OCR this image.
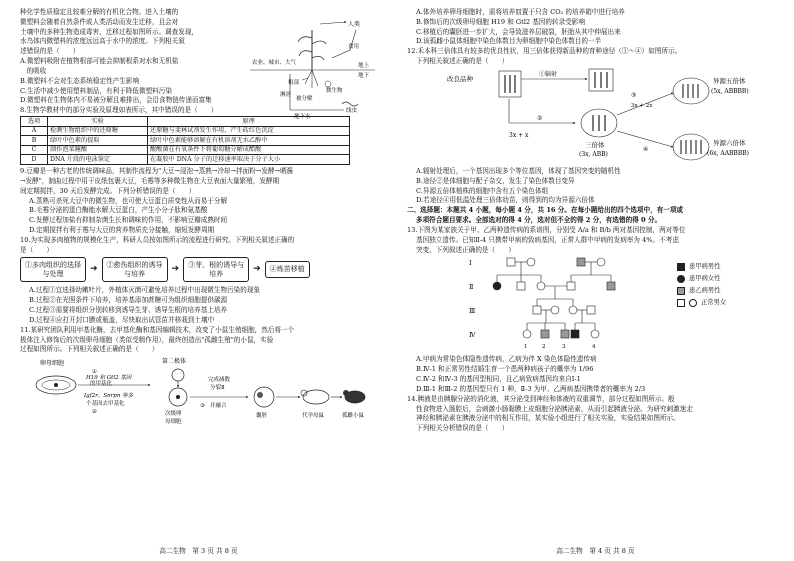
种化学性质稳定且较难分解的有机化合物。进入土壤的
微塑料会随着自然条件或人类活动而发生迁移，且会对
土壤中的多种生物造成毒害，迁移过程如图所示。调查发现，
水鸟体内微塑料的浓度远远高于水中的浓度。下列相关叙
述错误的是（　　）
A.微塑料吸附在植物根部可能会抑制根系对水和无机盐
　的吸收
B.微塑料不会对生态系统稳定性产生影响
C.生活中减少使用塑料制品，有利于降低微塑料污染
D.微塑料在生物体内不易被分解且难排出，会沿食物链传递而富集
农业、城市、大气
人类
地上
地下
食用
根部
微生物
淋溶
被分解
线虫
地下水
8.生物学教材中的部分实验及原理如表所示，其中错误的是（　　）
选项	实验	原理
A	检测生物组织中的还原糖	还原糖与斐林试剂发生作用，产生砖红色沉淀
B	绿叶中色素的提取	绿叶中色素能够溶解在有机溶剂无水乙醇中
C	制作泡菜腌酸	酸酸菌在有氧条件下将葡萄糖分解成醋酸
D	DNA 片段的电泳鉴定	在凝胶中 DNA 分子的迁移速率取决于分子大小
9.豆瓣是一种古老的传统调味品，其制作流程为"大豆→浸泡→蒸熟→冷却→拌面粉→发酵→晒酱
→发酵"，制曲过程中用干皮纸包裹大豆，毛霉等多种微生物在大豆表面大量繁殖，发酵期
间定期搅拌，30 天后发酵完成。下列分析错误的是（　　）
A.蒸熟可杀死大豆中的微生物，也可使大豆蛋白质变性从而易于分解
B.毛霉分泌的蛋白酶能水解大豆蛋白，产生小分子肽和氨基酸
C.发酵过程加盐有抑制杂菌生长和调味的作用，不影响豆瓣成熟时间
D.定期搅拌有利于霉与大豆的营养物质充分接触，缩短发酵周期
10.为实现多肉植物的规模化生产，科研人员按如图所示的流程进行研究。下列相关叙述正确的
是（　　）
①多肉组织的选择
与处理	➔	②愈伤组织的诱导
与培养	➔	③芽、根的诱导与
培养	➔	④炼苗移植
A.过程①宜选择幼嫩叶片，外植体灭菌可避免培养过程中出现微生物污染的现象
B.过程②在光照条件下培养，培养基添加蔗糖可为组织细胞提供碳源
C.过程③需要将组织分别转移到诱导生芽、诱导生根的培养基上培养
D.过程④应打开封口膜或瓶盖，尽快取出试管苗并移栽到土壤中
11.某研究团队利用甲基化酶，去甲基化酶和基因编辑技术，改变了小鼠生殖细胞，然后将一个
极体注入修饰后的次级卵母细胞（类似受精作用），最终创造出"孤雌生殖"的小鼠，实验
过程如图所示。下列相关叙述正确的是（　　）
卵母细胞
H19 和 Gtl2 基因
①
的甲基化
Igf2r、Snrpn 等多
个基因去甲基化
②
第二极体
次级卵
母细胞
完成减数
分裂Ⅱ
并融合
③
囊胚	代孕母鼠	孤雌小鼠
高二生物　第 3 页 共 8 页
A.体外培养卵母细胞时，需将培养皿置于只含 CO₂ 的培养箱中进行培养
B.修饰后的次级卵母细胞 H19 和 Gtl2 基因的转录受影响
C.移植后的囊胚进一步扩大，会导致滋养层破裂，胚胎从其中伸展出来
D.该孤雌小鼠体细胞中染色体数目为卵细胞中染色体数目的一半
12.禾本科三倍体具有较多的优良性状，用三倍体获得新品种的育种途径（①～④）如图所示。
下列相关叙述正确的是（　　）
改良品种
①辐射
3x + x
②
三倍体
(3x, ABB)
③
3x + 2x
④
异源五倍体
(5x, ABBBB)
异源六倍体
(6x, AABBBB)
A.辐射处理后，一个基因出现多个等位基因，体现了基因突变的随机性
B.途径②是体细胞与配子杂交，发生了染色体数目变异
C.异源五倍体植株的细胞中含有五个染色体组
D.若途径④用低温处理三倍体幼苗，则得到的均为异源六倍体
二、选择题：本题共 4 小题，每小题 4 分，共 16 分。在每小题给出的四个选项中，有一项或
多项符合题目要求。全部选对的得 4 分，选对但不全的得 2 分，有选错的得 0 分。
13.下图为某家族关于甲、乙两种遗传病的系谱图，分别受 A/a 和 B/b 两对基因控制，两对等位
基因独立遗传。已知Ⅱ-4 只携带甲病的致病基因，正常人群中甲病的发病率为 4%。不考虑
突变，下列叙述正确的是（　　）
Ⅰ
Ⅱ
Ⅲ
Ⅳ
1	2	3	4
患甲病男性
患甲病女性
患乙病男性
正常男女
A.甲病为常染色体隐性遗传病，乙病为伴 X 染色体隐性遗传病
B.Ⅳ-1 和正常男性结婚生育一个患两种病孩子的概率为 1/96
C.Ⅳ-2 和Ⅳ-3 的基因型相同，且乙病致病基因均来自Ⅰ-1
D.Ⅲ-1 和Ⅲ-2 的基因型只有 1 种，Ⅱ-3 为甲、乙两病基因携带者的概率为 2/3
14.胰液是由胰腺分泌的消化液，其分泌受到神经和体液的双重调节，部分过程如图所示。般
性食物进入肠腔后，会刺激小肠黏膜上皮细胞分泌胰泌素，从而引起胰液分泌。为研究刺激迷走
神经和胰泌素在胰液分泌中的相互作用，某实验小组进行了相关实验，实验结果如图所示。
下列相关分析错误的是（　　）
高二生物　第 4 页 共 8 页
